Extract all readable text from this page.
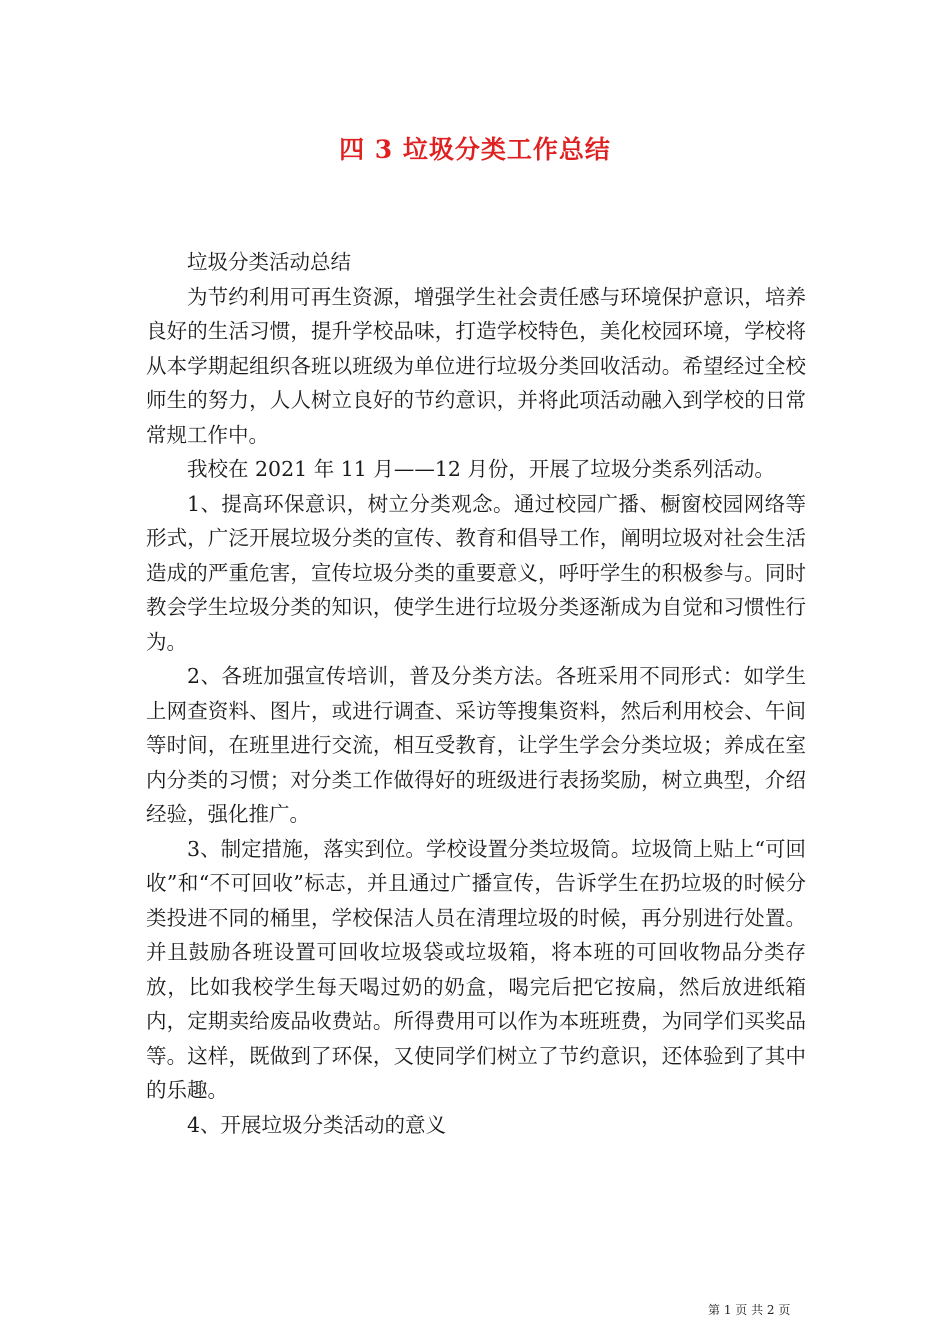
四 3 垃圾分类工作总结

垃圾分类活动总结

为节约利用可再生资源，增强学生社会责任感与环境保护意识，培养良好的生活习惯，提升学校品味，打造学校特色，美化校园环境，学校将从本学期起组织各班以班级为单位进行垃圾分类回收活动。希望经过全校师生的努力，人人树立良好的节约意识，并将此项活动融入到学校的日常常规工作中。

我校在 2021 年 11 月——12 月份，开展了垃圾分类系列活动。

1、提高环保意识，树立分类观念。通过校园广播、橱窗校园网络等形式，广泛开展垃圾分类的宣传、教育和倡导工作，阐明垃圾对社会生活造成的严重危害，宣传垃圾分类的重要意义，呼吁学生的积极参与。同时教会学生垃圾分类的知识，使学生进行垃圾分类逐渐成为自觉和习惯性行为。

2、各班加强宣传培训，普及分类方法。各班采用不同形式：如学生上网查资料、图片，或进行调查、采访等搜集资料，然后利用校会、午间等时间，在班里进行交流，相互受教育，让学生学会分类垃圾；养成在室内分类的习惯；对分类工作做得好的班级进行表扬奖励，树立典型，介绍经验，强化推广。

3、制定措施，落实到位。学校设置分类垃圾筒。垃圾筒上贴上“可回收”和“不可回收”标志，并且通过广播宣传，告诉学生在扔垃圾的时候分类投进不同的桶里，学校保洁人员在清理垃圾的时候，再分别进行处置。并且鼓励各班设置可回收垃圾袋或垃圾箱，将本班的可回收物品分类存放，比如我校学生每天喝过奶的奶盒，喝完后把它按扁，然后放进纸箱内，定期卖给废品收费站。所得费用可以作为本班班费，为同学们买奖品等。这样，既做到了环保，又使同学们树立了节约意识，还体验到了其中的乐趣。

4、开展垃圾分类活动的意义

第 1 页 共 2 页
